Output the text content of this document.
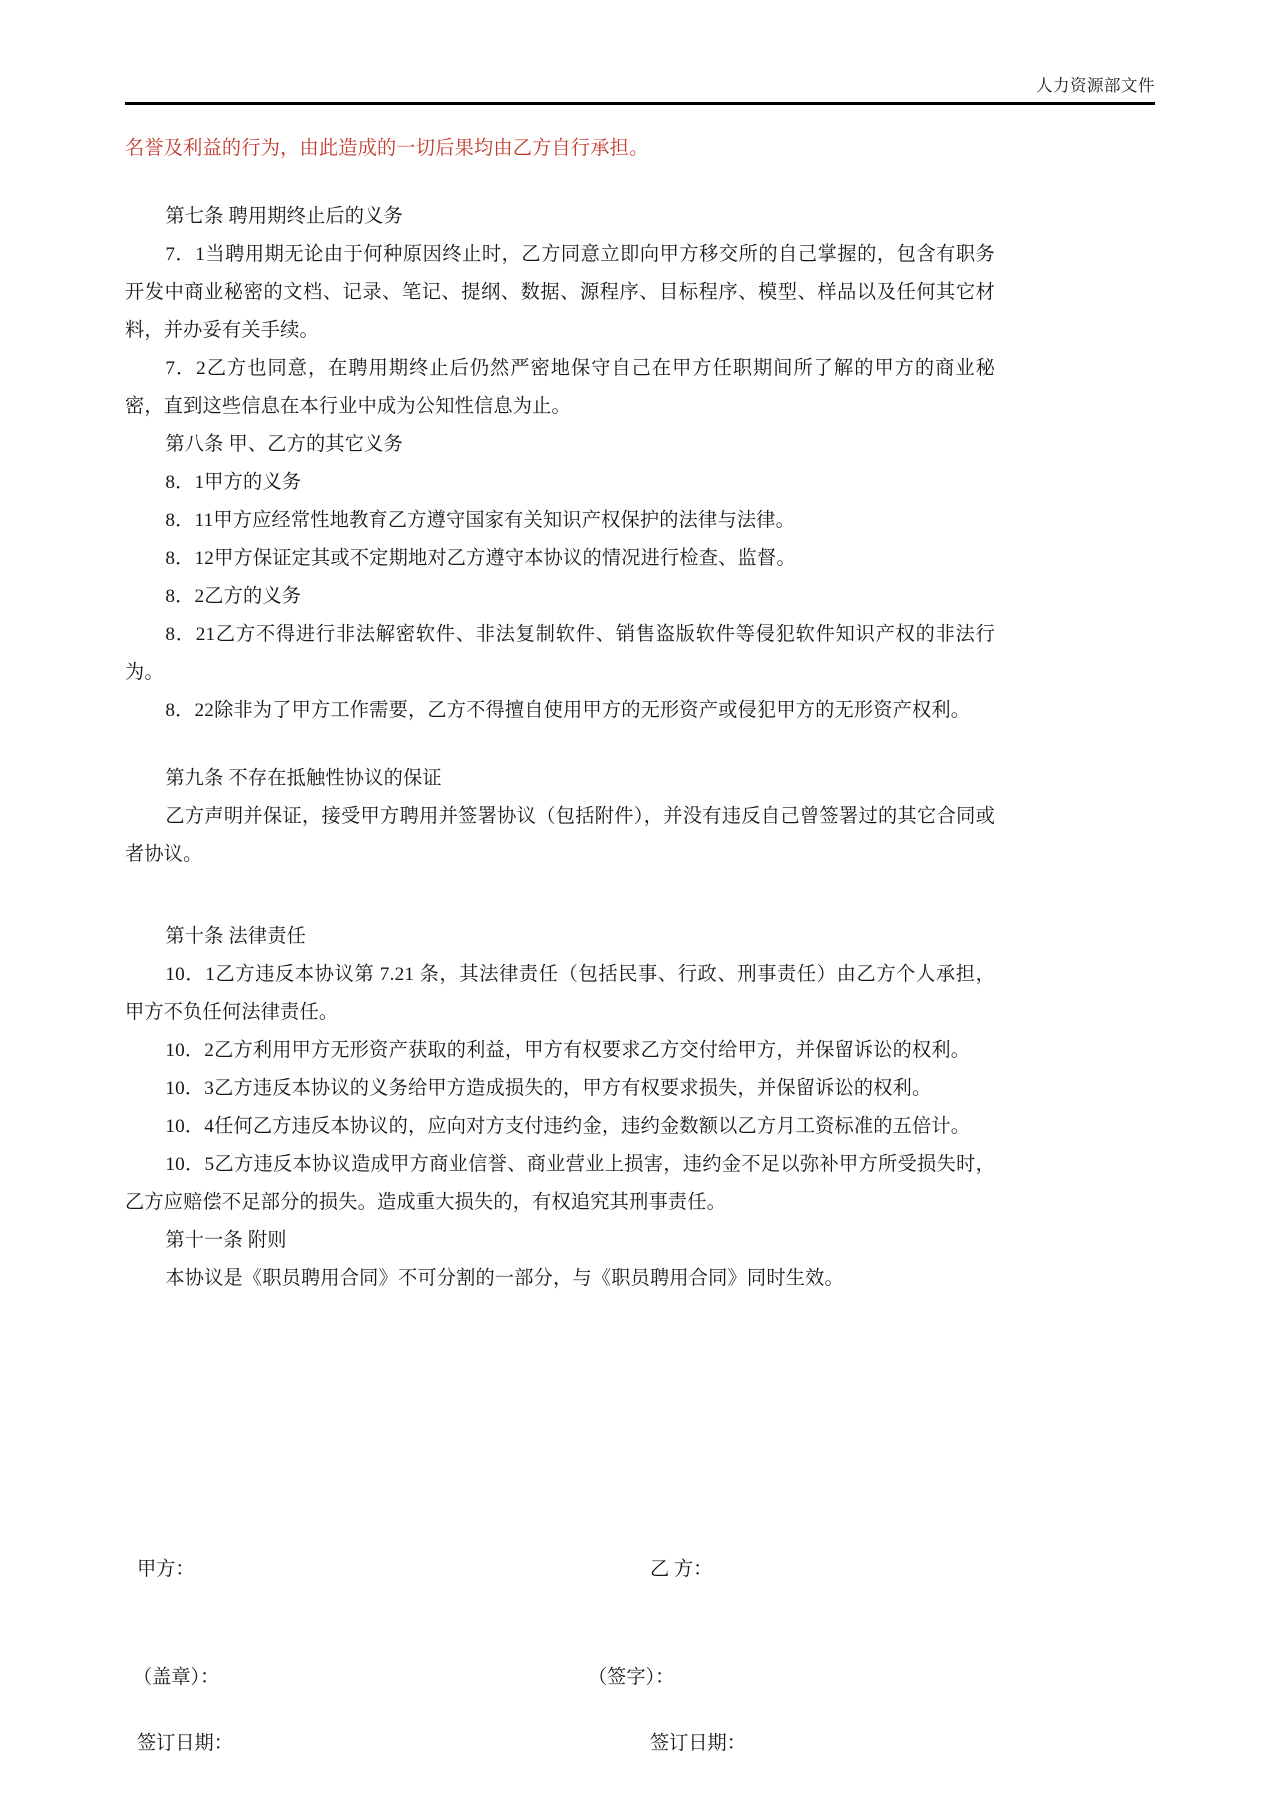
人力资源部文件

名誉及利益的行为，由此造成的一切后果均由乙方自行承担。

第七条 聘用期终止后的义务

7．1当聘用期无论由于何种原因终止时，乙方同意立即向甲方移交所的自己掌握的，包含有职务开发中商业秘密的文档、记录、笔记、提纲、数据、源程序、目标程序、模型、样品以及任何其它材料，并办妥有关手续。

7．2乙方也同意，在聘用期终止后仍然严密地保守自己在甲方任职期间所了解的甲方的商业秘密，直到这些信息在本行业中成为公知性信息为止。

第八条 甲、乙方的其它义务

8．1甲方的义务

8．11甲方应经常性地教育乙方遵守国家有关知识产权保护的法律与法律。

8．12甲方保证定其或不定期地对乙方遵守本协议的情况进行检查、监督。

8．2乙方的义务

8．21乙方不得进行非法解密软件、非法复制软件、销售盗版软件等侵犯软件知识产权的非法行为。

8．22除非为了甲方工作需要，乙方不得擅自使用甲方的无形资产或侵犯甲方的无形资产权利。

第九条 不存在抵触性协议的保证

乙方声明并保证，接受甲方聘用并签署协议（包括附件），并没有违反自己曾签署过的其它合同或者协议。

第十条 法律责任

10．1乙方违反本协议第 7.21 条，其法律责任（包括民事、行政、刑事责任）由乙方个人承担，甲方不负任何法律责任。

10．2乙方利用甲方无形资产获取的利益，甲方有权要求乙方交付给甲方，并保留诉讼的权利。

10．3乙方违反本协议的义务给甲方造成损失的，甲方有权要求损失，并保留诉讼的权利。

10．4任何乙方违反本协议的，应向对方支付违约金，违约金数额以乙方月工资标准的五倍计。

10．5乙方违反本协议造成甲方商业信誉、商业营业上损害，违约金不足以弥补甲方所受损失时，乙方应赔偿不足部分的损失。造成重大损失的，有权追究其刑事责任。

第十一条 附则

本协议是《职员聘用合同》不可分割的一部分，与《职员聘用合同》同时生效。

甲方：	乙 方：
（盖章）：	（签字）：
签订日期：	签订日期：
